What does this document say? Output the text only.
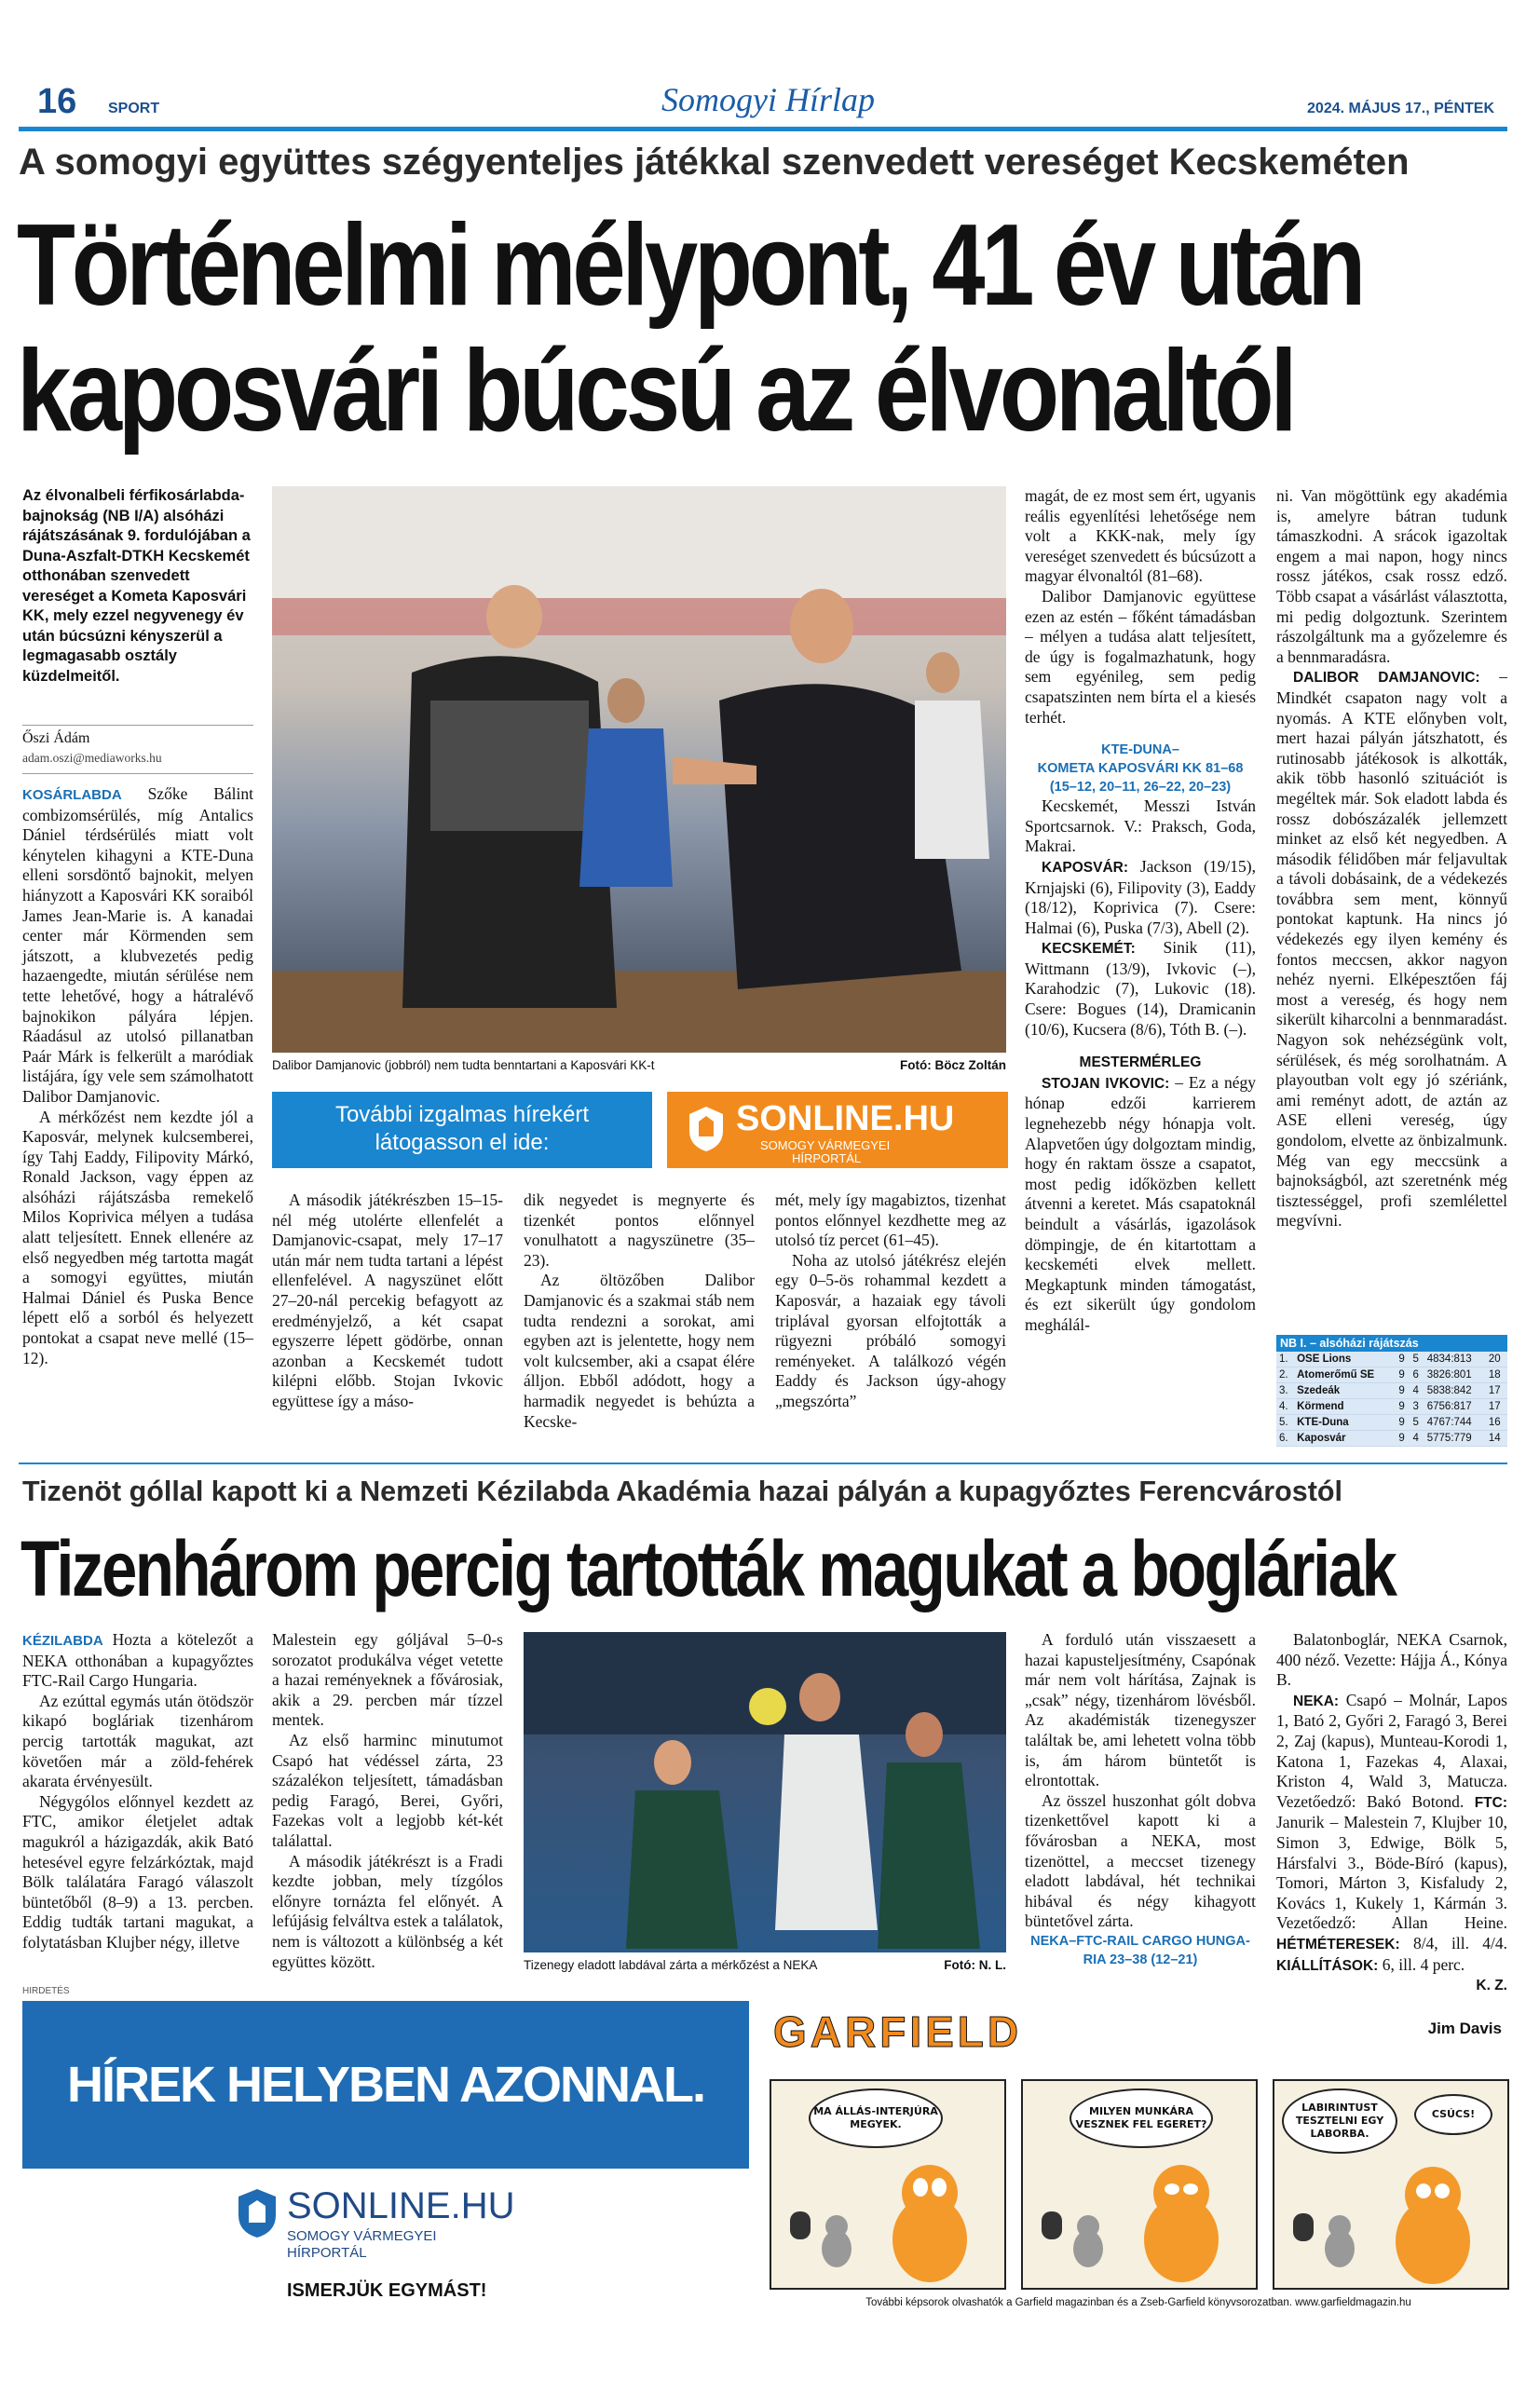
16 SPORT	Somogyi Hírlap	2024. MÁJUS 17., PÉNTEK
A somogyi együttes szégyenteljes játékkal szenvedett vereséget Kecskeméten
Történelmi mélypont, 41 év után
kaposvári búcsú az élvonaltól
Az élvonalbeli férfikosárlabda-bajnokság (NB I/A) alsóházi rájátszásának 9. fordulójában a Duna-Aszfalt-DTKH Kecskemét otthonában szenvedett vereséget a Kometa Kaposvári KK, mely ezzel negyvenegy év után búcsúzni kényszerül a legmagasabb osztály küzdelmeitől.
Őszi Ádám
adam.oszi@mediaworks.hu

KOSÁRLABDA Szőke Bálint combizomsérülés, míg Antalics Dániel térdsérülés miatt volt kénytelen kihagyni a KTE-Duna elleni sorsdöntő bajnokit, melyen hiányzott a Kaposvári KK soraiból James Jean-Marie is. A kanadai center már Körmenden sem játszott, a klubvezetés pedig hazaengedte, miután sérülése nem tette lehetővé, hogy a hátralévő bajnokikon pályára lépjen. Ráadásul az utolsó pillanatban Paár Márk is felkerült a maródiak listájára, így vele sem számolhatott Dalibor Damjanovic.

A mérkőzést nem kezdte jól a Kaposvár, melynek kulcsemberei, így Tahj Eaddy, Filipovity Márkó, Ronald Jackson, vagy éppen az alsóházi rájátszásba remekelő Milos Koprivica mélyen a tudása alatt teljesített. Ennek ellenére az első negyedben még tartotta magát a somogyi együttes, miután Halmai Dániel és Puska Bence lépett elő a sorból és helyezett pontokat a csapat neve mellé (15–12).

Dalibor Damjanovic (jobbról) nem tudta benntartani a Kaposvári KK-t	Fotó: Böcz Zoltán
További izgalmas hírekért
látogasson el ide:
SONLINE.HU
SOMOGY VÁRMEGYEI
HÍRPORTÁL

A második játékrészben 15–15-nél még utolérte ellenfelét a Damjanovic-csapat, mely 17–17 után már nem tudta tartani a lépést ellenfelével. A nagyszünet előtt 27–20-nál percekig befagyott az eredményjelző, a két csapat egyszerre lépett gödörbe, onnan azonban a Kecskemét tudott kilépni előbb. Stojan Ivkovic együttese így a máso-

dik negyedet is megnyerte és tizenkét pontos előnnyel vonulhatott a nagyszünetre (35–23).

Az öltözőben Dalibor Damjanovic és a szakmai stáb nem tudta rendezni a sorokat, ami egyben azt is jelentette, hogy nem volt kulcsember, aki a csapat élére álljon. Ebből adódott, hogy a harmadik negyedet is behúzta a Kecske-

mét, mely így magabiztos, tizenhat pontos előnnyel kezdhette meg az utolsó tíz percet (61–45).

Noha az utolsó játékrész elején egy 0–5-ös rohammal kezdett a Kaposvár, a hazaiak egy távoli triplával gyorsan elfojtották a rügyezni próbáló somogyi reményeket. A találkozó végén Eaddy és Jackson úgy-ahogy „megszórta”

magát, de ez most sem ért, ugyanis reális egyenlítési lehetősége nem volt a KKK-nak, mely így vereséget szenvedett és búcsúzott a magyar élvonaltól (81–68).

Dalibor Damjanovic együttese ezen az estén – főként támadásban – mélyen a tudása alatt teljesített, de úgy is fogalmazhatunk, hogy sem egyénileg, sem pedig csapatszinten nem bírta el a kiesés terhét.

KTE-DUNA–
KOMETA KAPOSVÁRI KK 81–68
(15–12, 20–11, 26–22, 20–23)

Kecskemét, Messzi István Sportcsarnok. V.: Praksch, Goda, Makrai.

KAPOSVÁR: Jackson (19/15), Krnjajski (6), Filipovity (3), Eaddy (18/12), Koprivica (7). Csere: Halmai (6), Puska (7/3), Abell (2).

KECSKEMÉT: Sinik (11), Wittmann (13/9), Ivkovic (–), Karahodzic (7), Lukovic (18). Csere: Bogues (14), Dramicanin (10/6), Kucsera (8/6), Tóth B. (–).

MESTERMÉRLEG

STOJAN IVKOVIC: – Ez a négy hónap edzői karrierem legnehezebb négy hónapja volt. Alapvetően úgy dolgoztam mindig, hogy én raktam össze a csapatot, most pedig időközben kellett átvenni a keretet. Más csapatoknál beindult a vásárlás, igazolások dömpingje, de én kitartottam a kecskeméti elvek mellett. Megkaptunk minden támogatást, és ezt sikerült úgy gondolom meghálál-

ni. Van mögöttünk egy akadémia is, amelyre bátran tudunk támaszkodni. A srácok igazoltak engem a mai napon, hogy nincs rossz játékos, csak rossz edző. Több csapat a vásárlást választotta, mi pedig dolgoztunk. Szerintem rászolgáltunk ma a győzelemre és a bennmaradásra.

DALIBOR DAMJANOVIC: – Mindkét csapaton nagy volt a nyomás. A KTE előnyben volt, mert hazai pályán játszhatott, és rutinosabb játékosok is alkották, akik több hasonló szituációt is megéltek már. Sok eladott labda és rossz dobószázalék jellemzett minket az első két negyedben. A második félidőben már feljavultak a távoli dobásaink, de a védekezés továbbra sem ment, könnyű pontokat kaptunk. Ha nincs jó védekezés egy ilyen kemény és fontos meccsen, akkor nagyon nehéz nyerni. Elképesztően fáj most a vereség, és hogy nem sikerült kiharcolni a bennmaradást. Nagyon sok nehézségünk volt, sérülések, és még sorolhatnám. A playoutban volt egy jó szériánk, ami reményt adott, de aztán az ASE elleni vereség, úgy gondolom, elvette az önbizalmunk. Még van egy meccsünk a bajnokságból, azt szeretnénk még tisztességgel, profi szemlélettel megvívni.

NB I. – alsóházi rájátszás
1.	OSE Lions	9	5	4834:813	20
2.	Atomerőmű SE	9	6	3826:801	18
3.	Szedeák	9	4	5838:842	17
4.	Körmend	9	3	6756:817	17
5.	KTE-Duna	9	5	4767:744	16
6.	Kaposvár	9	4	5775:779	14
Tizenöt góllal kapott ki a Nemzeti Kézilabda Akadémia hazai pályán a kupagyőztes Ferencvárostól
Tizenhárom percig tartották magukat a bogláriak

KÉZILABDA Hozta a kötelezőt a NEKA otthonában a kupagyőztes FTC-Rail Cargo Hungaria.

Az ezúttal egymás után ötödször kikapó bogláriak tizenhárom percig tartották magukat, azt követően már a zöld-fehérek akarata érvényesült.

Négygólos előnnyel kezdett az FTC, amikor életjelet adtak magukról a házigazdák, akik Bató hetesével egyre felzárkóztak, majd Bölk találatára Faragó válaszolt büntetőből (8–9) a 13. percben. Eddig tudták tartani magukat, a folytatásban Klujber négy, illetve

Malestein egy góljával 5–0-s sorozatot produkálva véget vetette a hazai reményeknek a fővárosiak, akik a 29. percben már tízzel mentek.

Az első harminc minutumot Csapó hat védéssel zárta, 23 százalékon teljesített, támadásban pedig Faragó, Berei, Győri, Fazekas volt a legjobb két-két találattal.

A második játékrészt is a Fradi kezdte jobban, mely tízgólos előnyre tornázta fel előnyét. A lefújásig felváltva estek a találatok, nem is változott a különbség a két együttes között.	Tizenegy eladott labdával zárta a mérkőzést a NEKA	Fotó: N. L.

A forduló után visszaesett a hazai kapusteljesítmény, Csapónak már nem volt hárítása, Zajnak is „csak” négy, tizenhárom lövésből. Az akadémisták tizenegyszer találtak be, ami lehetett volna több is, ám három büntetőt is elrontottak.

Az összel huszonhat gólt dobva tizenkettővel kapott ki a fővárosban a NEKA, most tizenöttel, a meccset tizenegy eladott labdával, hét technikai hibával és négy kihagyott büntetővel zárta.

NEKA–FTC-RAIL CARGO HUNGA-
RIA 23–38 (12–21)

Balatonboglár, NEKA Csarnok, 400 néző. Vezette: Hájja Á., Kónya B.

NEKA: Csapó – Molnár, Lapos 1, Bató 2, Győri 2, Faragó 3, Berei 2, Zaj (kapus), Munteau-Korodi 1, Katona 1, Fazekas 4, Alaxai, Kriston 4, Wald 3, Matucza. Vezetőedző: Bakó Botond. FTC: Janurik – Malestein 7, Klujber 10, Simon 3, Edwige, Bölk 5, Hársfalvi 3., Böde-Bíró (kapus), Tomori, Márton 3, Kisfaludy 2, Kovács 1, Kukely 1, Kármán 3. Vezetőedző: Allan Heine. HÉTMÉTERESEK: 8/4, ill. 4/4. KIÁLLÍTÁSOK: 6, ill. 4 perc.
K. Z.

HIRDETÉS
HÍREK HELYBEN AZONNAL.
SONLINE.HU
SOMOGY VÁRMEGYEI
HÍRPORTÁL
ISMERJÜK EGYMÁST!
GARFIELD	Jim Davis
MA ÁLLÁS-INTERJÚRA MEGYEK.
MILYEN MUNKÁRA VESZNEK FEL EGERET?
LABIRINTUST TESZTELNI EGY LABORBA.
CSÚCS!
További képsorok olvashatók a Garfield magazinban és a Zseb-Garfield könyvsorozatban. www.garfieldmagazin.hu
